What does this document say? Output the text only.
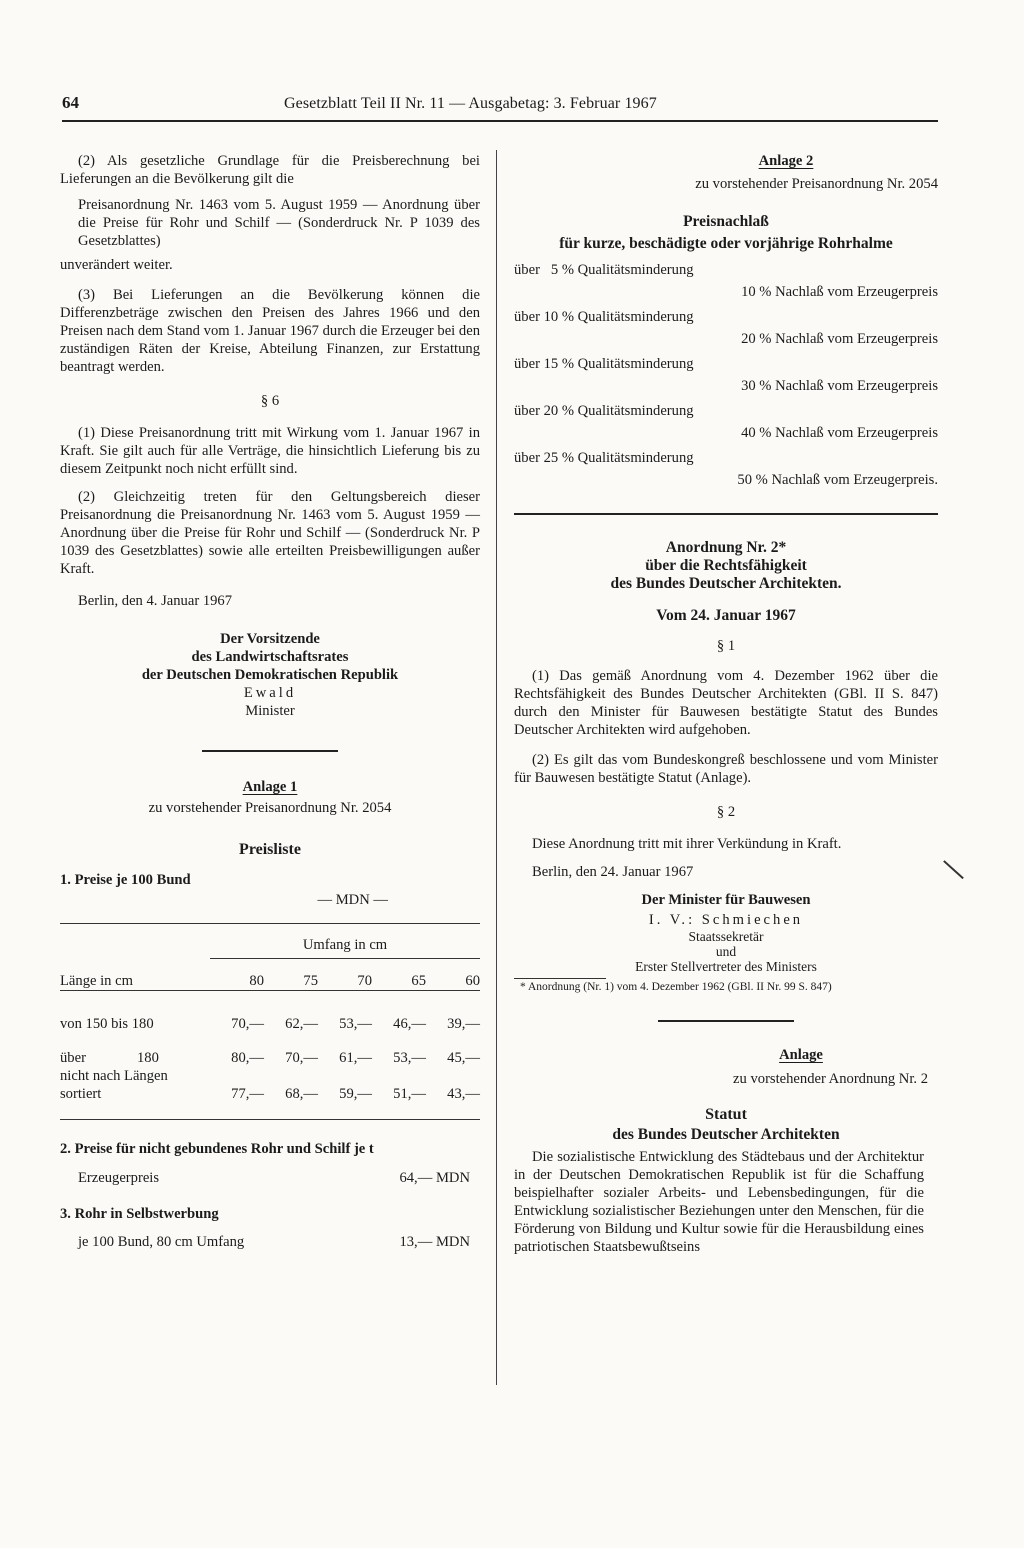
64	Gesetzblatt Teil II Nr. 11 — Ausgabetag: 3. Februar 1967

(2) Als gesetzliche Grundlage für die Preisberechnung bei Lieferungen an die Bevölkerung gilt die

Preisanordnung Nr. 1463 vom 5. August 1959 — Anordnung über die Preise für Rohr und Schilf — (Sonderdruck Nr. P 1039 des Gesetzblattes)

unverändert weiter.

(3) Bei Lieferungen an die Bevölkerung können die Differenzbeträge zwischen den Preisen des Jahres 1966 und den Preisen nach dem Stand vom 1. Januar 1967 durch die Erzeuger bei den zuständigen Räten der Kreise, Abteilung Finanzen, zur Erstattung beantragt werden.

§ 6

(1) Diese Preisanordnung tritt mit Wirkung vom 1. Januar 1967 in Kraft. Sie gilt auch für alle Verträge, die hinsichtlich Lieferung bis zu diesem Zeitpunkt noch nicht erfüllt sind.

(2) Gleichzeitig treten für den Geltungsbereich dieser Preisanordnung die Preisanordnung Nr. 1463 vom 5. August 1959 — Anordnung über die Preise für Rohr und Schilf — (Sonderdruck Nr. P 1039 des Gesetzblattes) sowie alle erteilten Preisbewilligungen außer Kraft.

Berlin, den 4. Januar 1967

Der Vorsitzende

des Landwirtschaftsrates

der Deutschen Demokratischen Republik

Ewald

Minister

Anlage 1

zu vorstehender Preisanordnung Nr. 2054

Preisliste

1. Preise je 100 Bund

— MDN —

	Umfang in cm				
Länge in cm	80	75	70	65	60

von 150 bis 180	70,—	62,—	53,—	46,—	39,—
über              180	80,—	70,—	61,—	53,—	45,—

nicht nach Längen
sortiert	77,—	68,—	59,—	51,—	43,—

2. Preise für nicht gebundenes Rohr und Schilf je t

Erzeugerpreis	64,— MDN

3. Rohr in Selbstwerbung

je 100 Bund, 80 cm Umfang	13,— MDN

Anlage 2

zu vorstehender Preisanordnung Nr. 2054

Preisnachlaß

für kurze, beschädigte oder vorjährige Rohrhalme

über   5 % Qualitätsminderung

10 % Nachlaß vom Erzeugerpreis

über 10 % Qualitätsminderung

20 % Nachlaß vom Erzeugerpreis

über 15 % Qualitätsminderung

30 % Nachlaß vom Erzeugerpreis

über 20 % Qualitätsminderung

40 % Nachlaß vom Erzeugerpreis

über 25 % Qualitätsminderung

50 % Nachlaß vom Erzeugerpreis.

Anordnung Nr. 2*

über die Rechtsfähigkeit

des Bundes Deutscher Architekten.

Vom 24. Januar 1967

§ 1

(1) Das gemäß Anordnung vom 4. Dezember 1962 über die Rechtsfähigkeit des Bundes Deutscher Architekten (GBl. II S. 847) durch den Minister für Bauwesen bestätigte Statut des Bundes Deutscher Architekten wird aufgehoben.

(2) Es gilt das vom Bundeskongreß beschlossene und vom Minister für Bauwesen bestätigte Statut (Anlage).

§ 2

Diese Anordnung tritt mit ihrer Verkündung in Kraft.

Berlin, den 24. Januar 1967

Der Minister für Bauwesen

I. V.: Schmiechen

Staatssekretär

und

Erster Stellvertreter des Ministers

* Anordnung (Nr. 1) vom 4. Dezember 1962 (GBl. II Nr. 99 S. 847)

Anlage

zu vorstehender Anordnung Nr. 2

Statut

des Bundes Deutscher Architekten

Die sozialistische Entwicklung des Städtebaus und der Architektur in der Deutschen Demokratischen Republik ist für die Schaffung beispielhafter sozialer Arbeits- und Lebensbedingungen, für die Entwicklung sozialistischer Beziehungen unter den Menschen, für die Förderung von Bildung und Kultur sowie für die Herausbildung eines patriotischen Staatsbewußtseins
